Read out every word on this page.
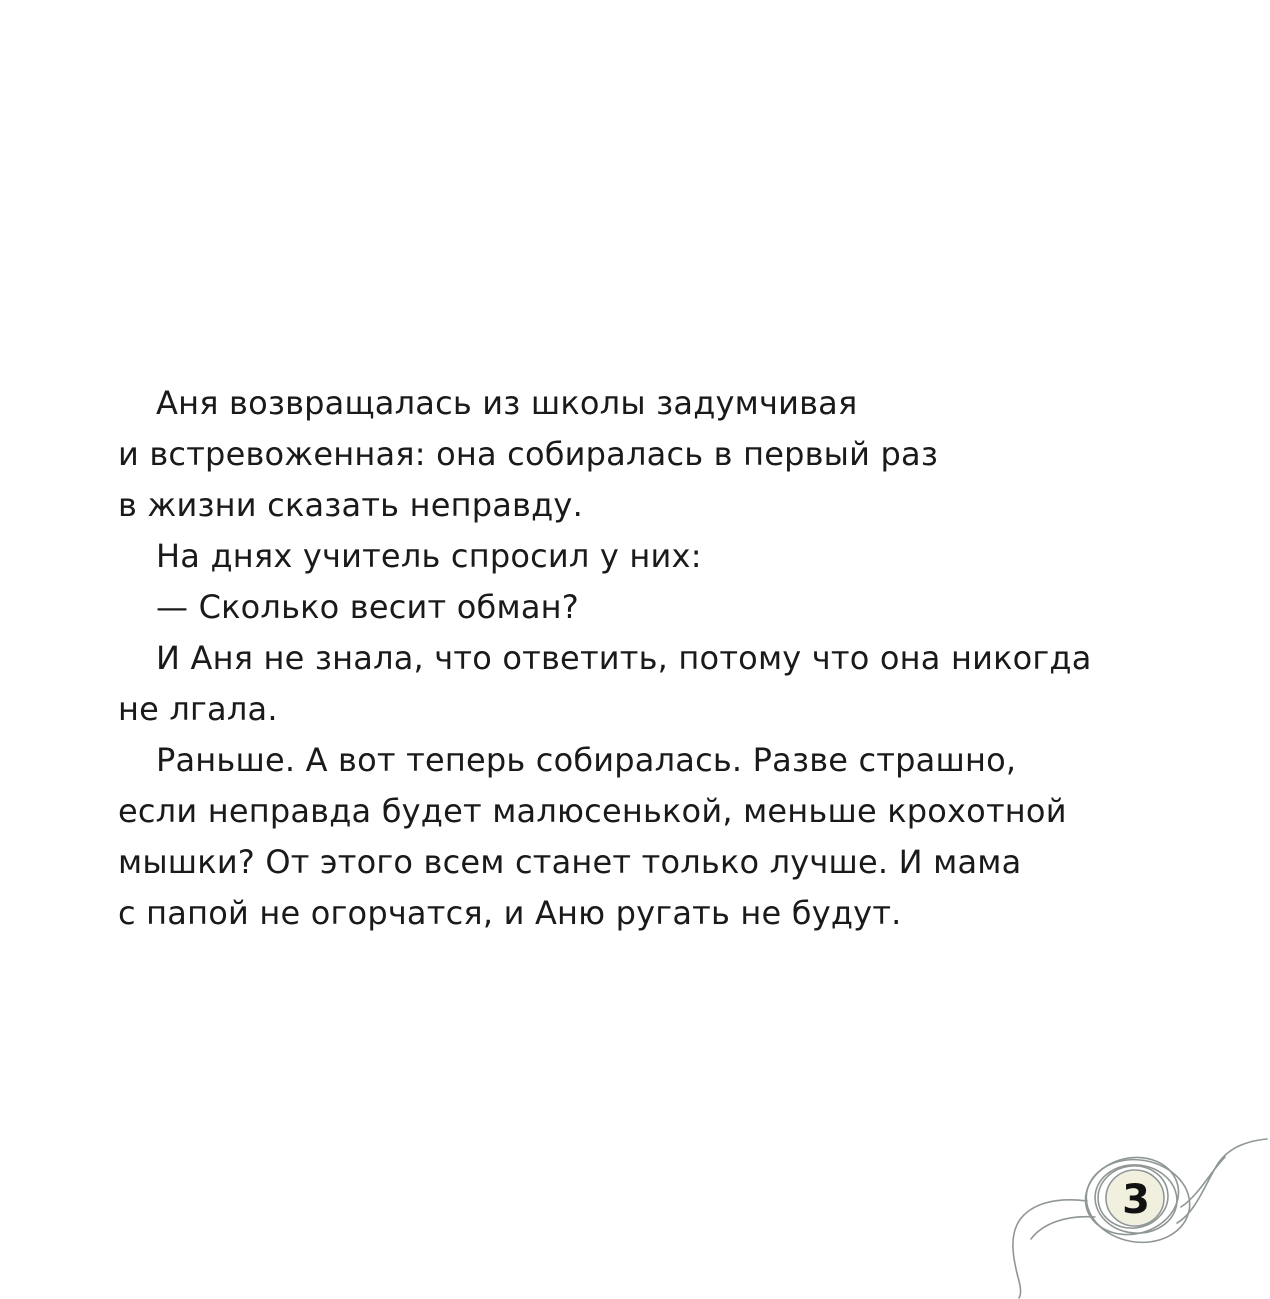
Аня возвращалась из школы задумчивая
и встревоженная: она собиралась в первый раз
в жизни сказать неправду.
На днях учитель спросил у них:
— Сколько весит обман?
И Аня не знала, что ответить, потому что она никогда
не лгала.
Раньше. А вот теперь собиралась. Разве страшно,
если неправда будет малюсенькой, меньше крохотной
мышки? От этого всем станет только лучше. И мама
с папой не огорчатся, и Аню ругать не будут.
3
